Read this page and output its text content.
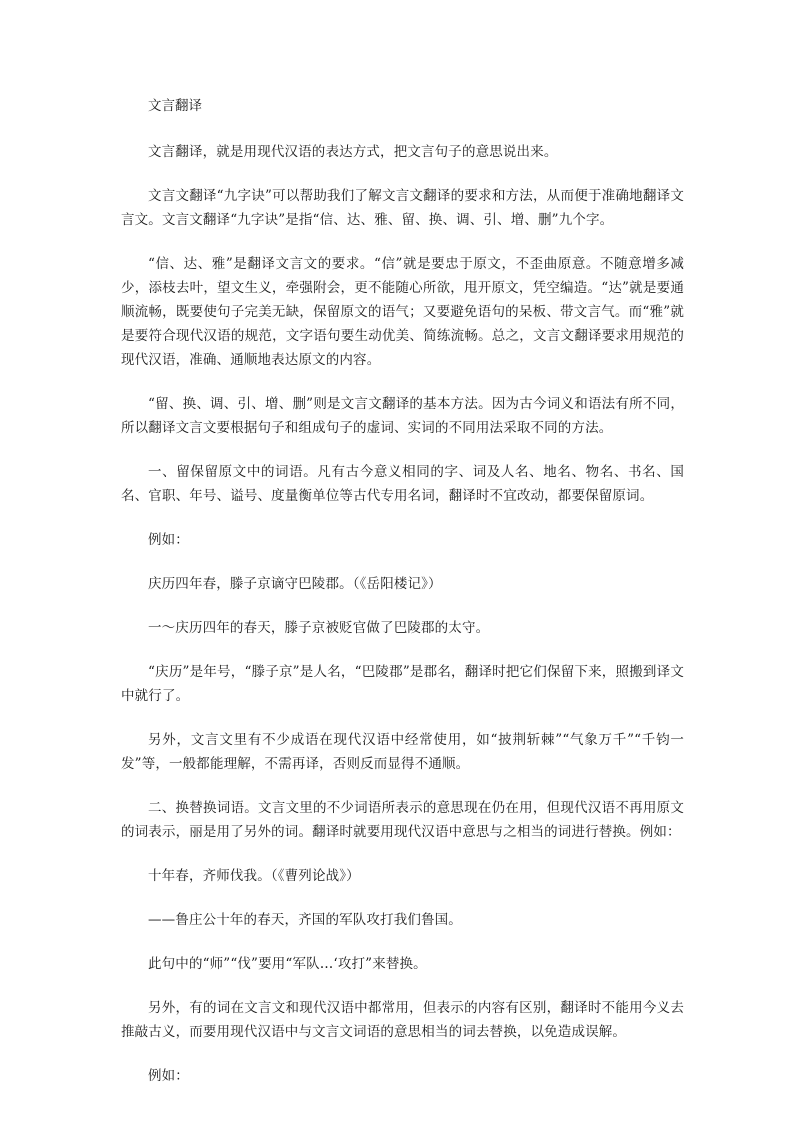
文言翻译

文言翻译，就是用现代汉语的表达方式，把文言句子的意思说出来。

文言文翻译“九字诀”可以帮助我们了解文言文翻译的要求和方法，从而便于准确地翻译文言文。文言文翻译“九字诀”是指“信、达、雅、留、换、调、引、增、删”九个字。

“信、达、雅”是翻译文言文的要求。“信”就是要忠于原文，不歪曲原意。不随意增多减少，添枝去叶，望文生义，牵强附会，更不能随心所欲，甩开原文，凭空编造。“达”就是要通顺流畅，既要使句子完美无缺，保留原文的语气；又要避免语句的呆板、带文言气。而“雅”就是要符合现代汉语的规范，文字语句要生动优美、简练流畅。总之，文言文翻译要求用规范的现代汉语，准确、通顺地表达原文的内容。

“留、换、调、引、增、删”则是文言文翻译的基本方法。因为古今词义和语法有所不同，所以翻译文言文要根据句子和组成句子的虚词、实词的不同用法采取不同的方法。

一、留保留原文中的词语。凡有古今意义相同的字、词及人名、地名、物名、书名、国名、官职、年号、谥号、度量衡单位等古代专用名词，翻译时不宜改动，都要保留原词。

例如：

庆历四年春，滕子京谪守巴陵郡。（《岳阳楼记》）

一～庆历四年的春天，滕子京被贬官做了巴陵郡的太守。

“庆历”是年号，“滕子京”是人名，“巴陵郡”是郡名，翻译时把它们保留下来，照搬到译文中就行了。

另外，文言文里有不少成语在现代汉语中经常使用，如“披荆斩棘”“气象万千”“千钧一发”等，一般都能理解，不需再译，否则反而显得不通顺。

二、换替换词语。文言文里的不少词语所表示的意思现在仍在用，但现代汉语不再用原文的词表示，丽是用了另外的词。翻译时就要用现代汉语中意思与之相当的词进行替换。例如：

十年春，齐师伐我。（《曹列论战》）

——鲁庄公十年的春天，齐国的军队攻打我们鲁国。

此句中的“师”“伐”要用“军队…‘攻打”来替换。

另外，有的词在文言文和现代汉语中都常用，但表示的内容有区别，翻译时不能用今义去推敲古义，而要用现代汉语中与文言文词语的意思相当的词去替换，以免造成误解。

例如：
